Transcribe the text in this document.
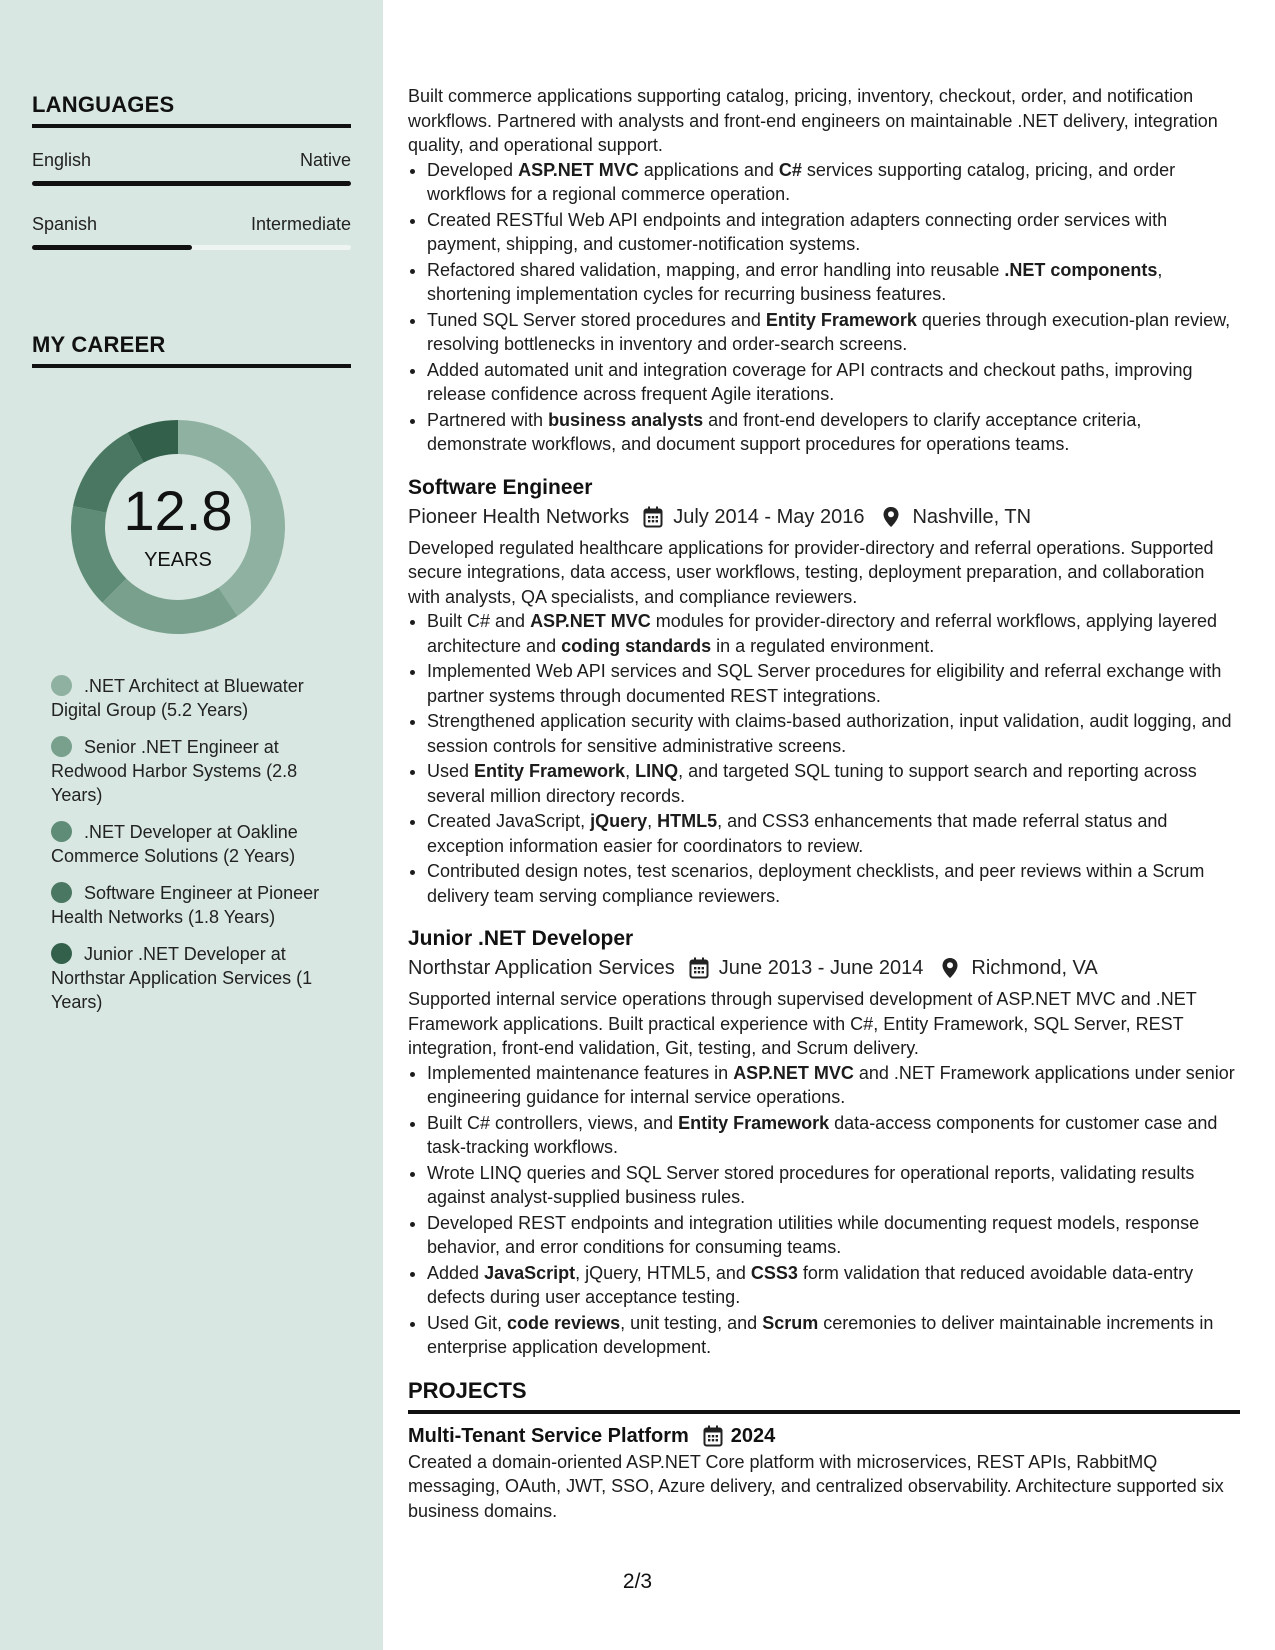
LANGUAGES
English	Native
Spanish	Intermediate
MY CAREER
12.8
YEARS
.NET Architect at Bluewater Digital Group (5.2 Years)
Senior .NET Engineer at Redwood Harbor Systems (2.8 Years)
.NET Developer at Oakline Commerce Solutions (2 Years)
Software Engineer at Pioneer Health Networks (1.8 Years)
Junior .NET Developer at Northstar Application Services (1 Years)

Built commerce applications supporting catalog, pricing, inventory, checkout, order, and notification workflows. Partnered with analysts and front-end engineers on maintainable .NET delivery, integration quality, and operational support.

• Developed ASP.NET MVC applications and C# services supporting catalog, pricing, and order workflows for a regional commerce operation.
• Created RESTful Web API endpoints and integration adapters connecting order services with payment, shipping, and customer-notification systems.
• Refactored shared validation, mapping, and error handling into reusable .NET components, shortening implementation cycles for recurring business features.
• Tuned SQL Server stored procedures and Entity Framework queries through execution-plan review, resolving bottlenecks in inventory and order-search screens.
• Added automated unit and integration coverage for API contracts and checkout paths, improving release confidence across frequent Agile iterations.
• Partnered with business analysts and front-end developers to clarify acceptance criteria, demonstrate workflows, and document support procedures for operations teams.
Software Engineer
Pioneer Health Networks July 2014 - May 2016 Nashville, TN

Developed regulated healthcare applications for provider-directory and referral operations. Supported secure integrations, data access, user workflows, testing, deployment preparation, and collaboration with analysts, QA specialists, and compliance reviewers.

• Built C# and ASP.NET MVC modules for provider-directory and referral workflows, applying layered architecture and coding standards in a regulated environment.
• Implemented Web API services and SQL Server procedures for eligibility and referral exchange with partner systems through documented REST integrations.
• Strengthened application security with claims-based authorization, input validation, audit logging, and session controls for sensitive administrative screens.
• Used Entity Framework, LINQ, and targeted SQL tuning to support search and reporting across several million directory records.
• Created JavaScript, jQuery, HTML5, and CSS3 enhancements that made referral status and exception information easier for coordinators to review.
• Contributed design notes, test scenarios, deployment checklists, and peer reviews within a Scrum delivery team serving compliance reviewers.
Junior .NET Developer
Northstar Application Services June 2013 - June 2014 Richmond, VA

Supported internal service operations through supervised development of ASP.NET MVC and .NET Framework applications. Built practical experience with C#, Entity Framework, SQL Server, REST integration, front-end validation, Git, testing, and Scrum delivery.

• Implemented maintenance features in ASP.NET MVC and .NET Framework applications under senior engineering guidance for internal service operations.
• Built C# controllers, views, and Entity Framework data-access components for customer case and task-tracking workflows.
• Wrote LINQ queries and SQL Server stored procedures for operational reports, validating results against analyst-supplied business rules.
• Developed REST endpoints and integration utilities while documenting request models, response behavior, and error conditions for consuming teams.
• Added JavaScript, jQuery, HTML5, and CSS3 form validation that reduced avoidable data-entry defects during user acceptance testing.
• Used Git, code reviews, unit testing, and Scrum ceremonies to deliver maintainable increments in enterprise application development.
PROJECTS
Multi-Tenant Service Platform 2024

Created a domain-oriented ASP.NET Core platform with microservices, REST APIs, RabbitMQ messaging, OAuth, JWT, SSO, Azure delivery, and centralized observability. Architecture supported six business domains.

2/3
